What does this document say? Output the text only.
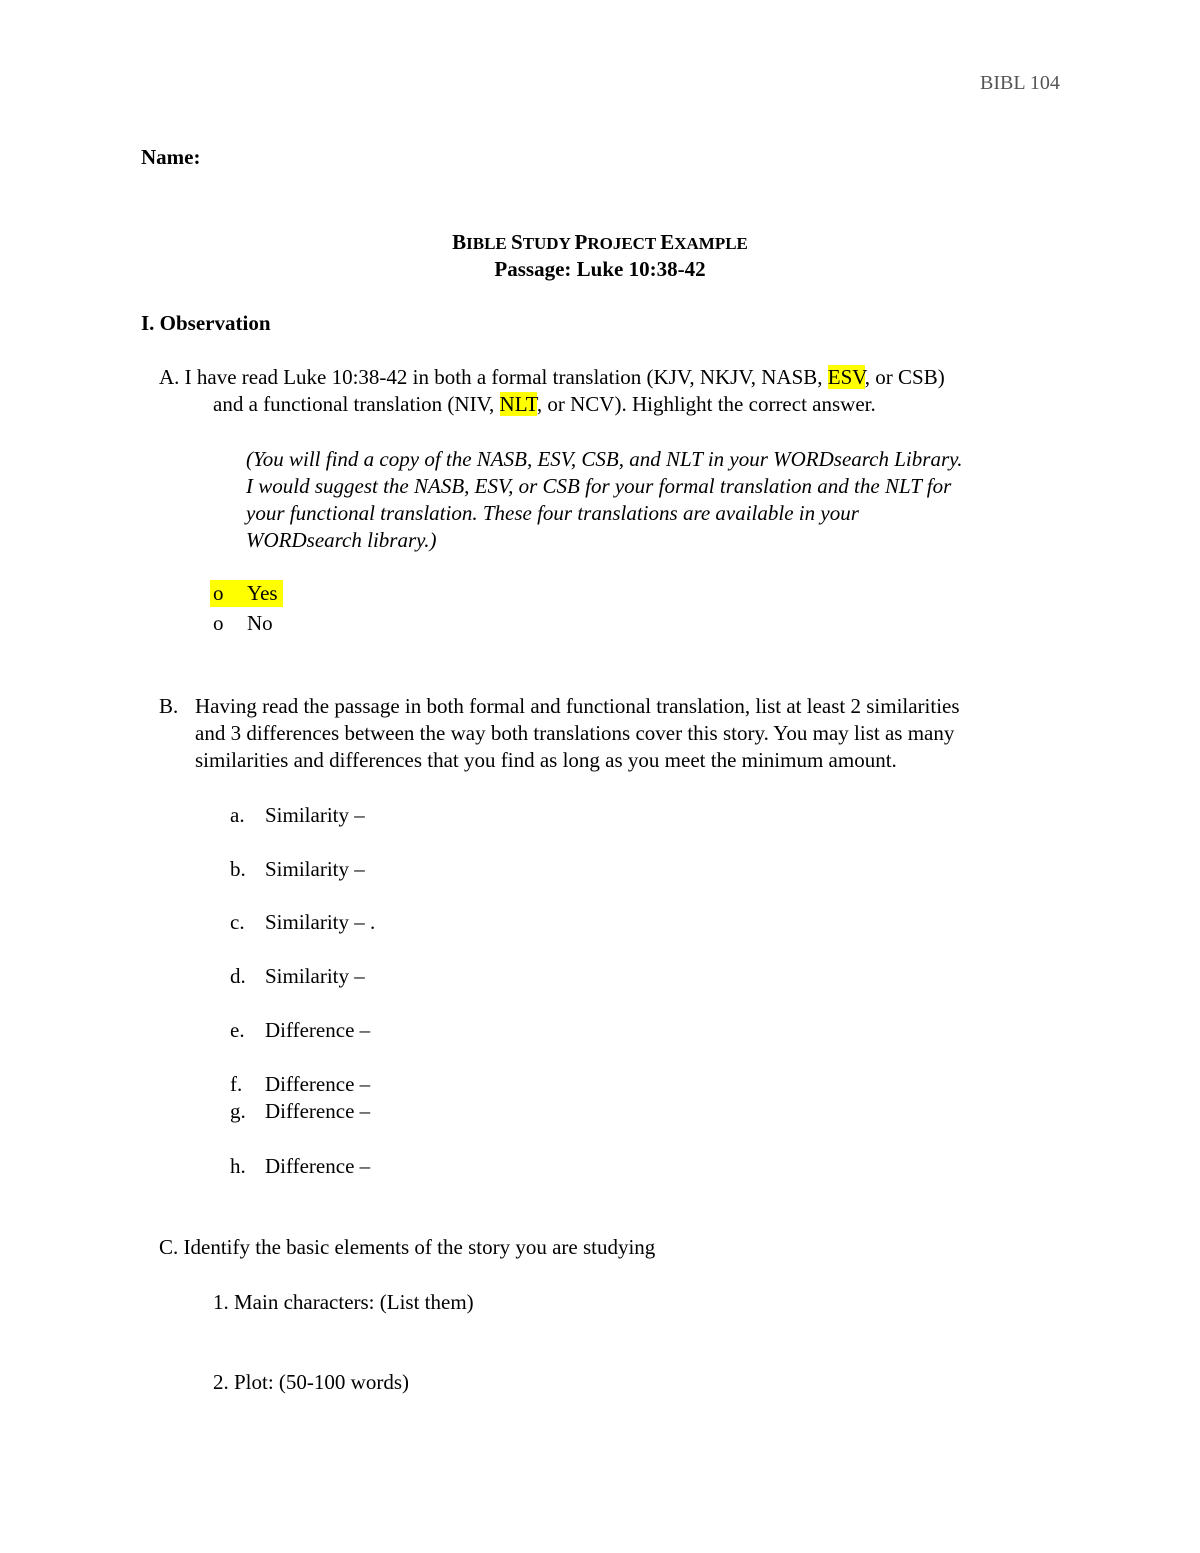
BIBL 104
Name:
BIBLE STUDY PROJECT EXAMPLE
Passage: Luke 10:38-42
I. Observation
A. I have read Luke 10:38-42 in both a formal translation (KJV, NKJV, NASB, ESV, or CSB)
and a functional translation (NIV, NLT, or NCV). Highlight the correct answer.
(You will find a copy of the NASB, ESV, CSB, and NLT in your WORDsearch Library.
I would suggest the NASB, ESV, or CSB for your formal translation and the NLT for
your functional translation. These four translations are available in your
WORDsearch library.)
o Yes

o No

B. Having read the passage in both formal and functional translation, list at least 2 similarities
and 3 differences between the way both translations cover this story. You may list as many
similarities and differences that you find as long as you meet the minimum amount.
a. Similarity –
b. Similarity –
c. Similarity – .
d. Similarity –
e. Difference –
f. Difference –
g. Difference –
h. Difference –
C. Identify the basic elements of the story you are studying
1. Main characters: (List them)
2. Plot: (50-100 words)
